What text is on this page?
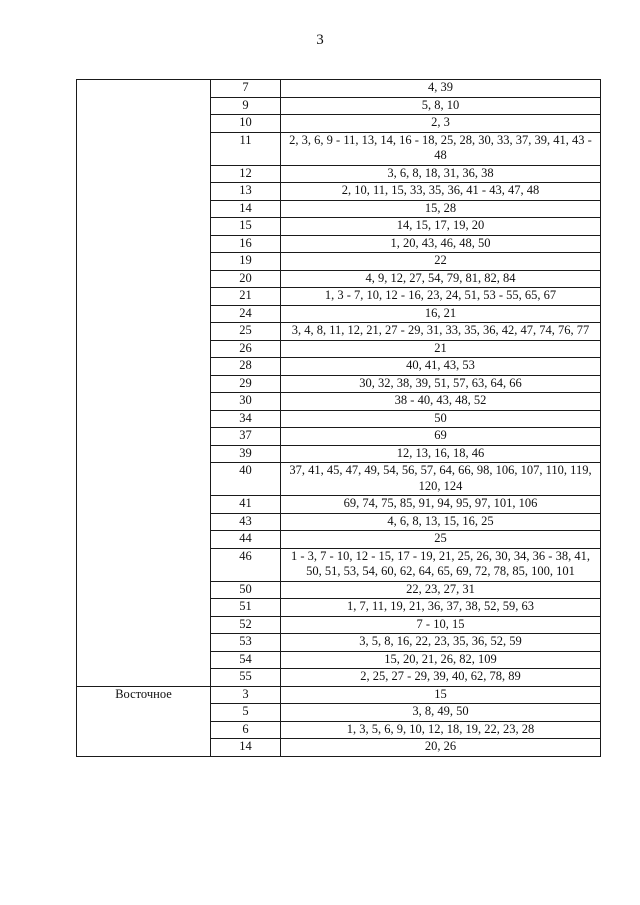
3
	7	4, 39
	9	5, 8, 10
	10	2, 3
	11	2, 3, 6, 9 - 11, 13, 14, 16 - 18, 25, 28, 30, 33, 37, 39, 41, 43 - 48
	12	3, 6, 8, 18, 31, 36, 38
	13	2, 10, 11, 15, 33, 35, 36, 41 - 43, 47, 48
	14	15, 28
	15	14, 15, 17, 19, 20
	16	1, 20, 43, 46, 48, 50
	19	22
	20	4, 9, 12, 27, 54, 79, 81, 82, 84
	21	1, 3 - 7, 10, 12 - 16, 23, 24, 51, 53 - 55, 65, 67
	24	16, 21
	25	3, 4, 8, 11, 12, 21, 27 - 29, 31, 33, 35, 36, 42, 47, 74, 76, 77
	26	21
	28	40, 41, 43, 53
	29	30, 32, 38, 39, 51, 57, 63, 64, 66
	30	38 - 40, 43, 48, 52
	34	50
	37	69
	39	12, 13, 16, 18, 46
	40	37, 41, 45, 47, 49, 54, 56, 57, 64, 66, 98, 106, 107, 110, 119, 120, 124
	41	69, 74, 75, 85, 91, 94, 95, 97, 101, 106
	43	4, 6, 8, 13, 15, 16, 25
	44	25
	46	1 - 3, 7 - 10, 12 - 15, 17 - 19, 21, 25, 26, 30, 34, 36 - 38, 41, 50, 51, 53, 54, 60, 62, 64, 65, 69, 72, 78, 85, 100, 101
	50	22, 23, 27, 31
	51	1, 7, 11, 19, 21, 36, 37, 38, 52, 59, 63
	52	7 - 10, 15
	53	3, 5, 8, 16, 22, 23, 35, 36, 52, 59
	54	15, 20, 21, 26, 82, 109
	55	2, 25, 27 - 29, 39, 40, 62, 78, 89
Восточное	3	15
	5	3, 8, 49, 50
	6	1, 3, 5, 6, 9, 10, 12, 18, 19, 22, 23, 28
	14	20, 26
